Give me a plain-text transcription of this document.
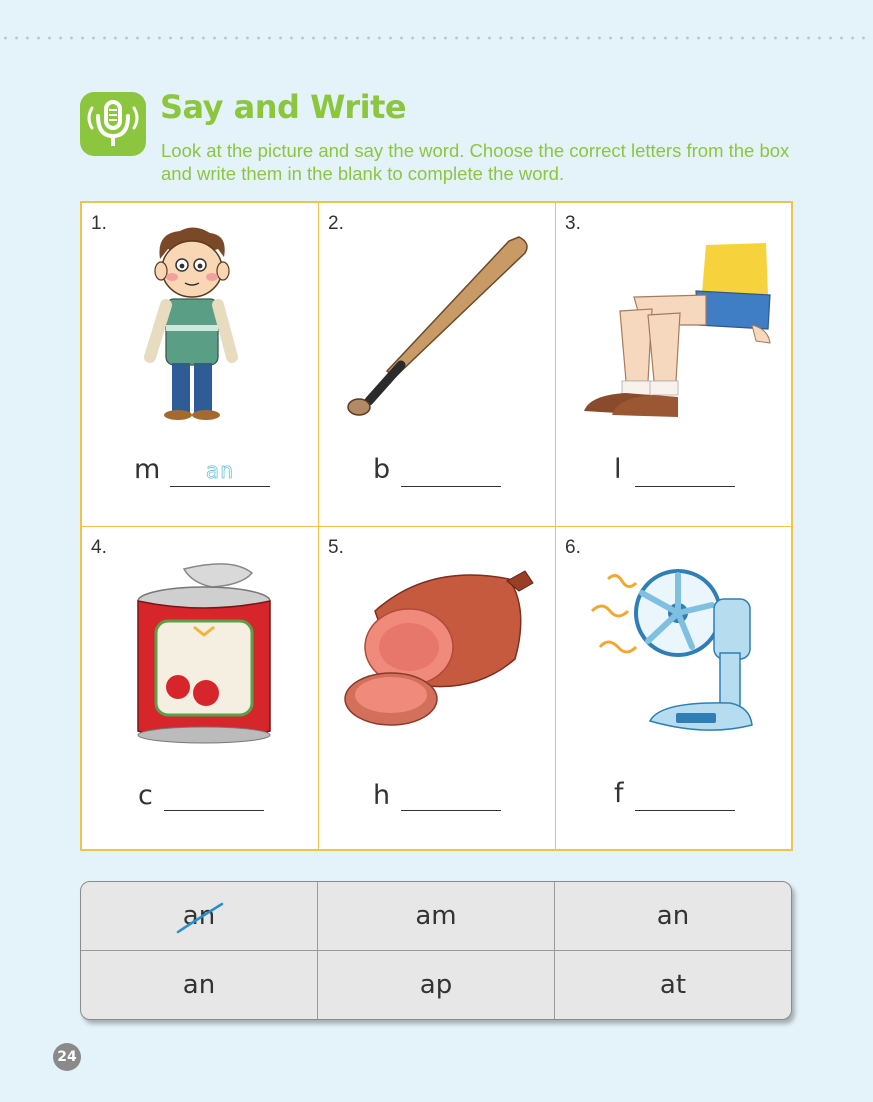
Say and Write
Look at the picture and say the word. Choose the correct letters from the box and write them in the blank to complete the word.
1.
m	an
2.
b
3.
l
4.
c
5.
h
6.
f
an	am	an
an	ap	at
24
